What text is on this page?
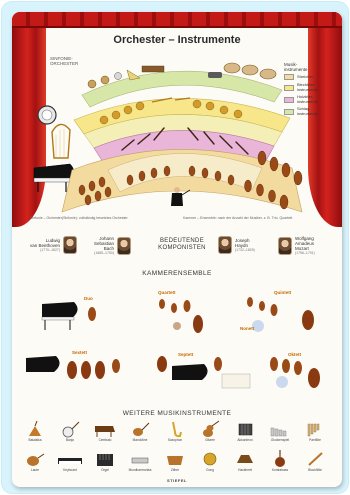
Orchester – Instrumente
SINFONIE-
ORCHESTER	Musik-
instrumente
Streicher
Blechblas-
instrumente
Holzblas-
instrumente
Schlag-
instrumente
Sinfonie – Orchester(Sinfonie): vollständig besetztes Orchester.	Kammer – Ensemble: nach der Anzahl der Musiker, z. B. Trio, Quartett.
Ludwig
van Beethoven
(1770–1827)
Johann
Sebastian
Bach
(1685–1750)
BEDEUTENDE
KOMPONISTEN
Joseph
Haydn
(1732–1809)
Wolfgang
Amadeus
Mozart
(1756–1791)
KAMMERENSEMBLE
Duo
Quartett	Quintett
Sextett	Septett	Oktett
Nonett
WEITERE MUSIKINSTRUMENTE
Balalaika	Banjo	Cembalo	Mandoline	Saxophon	Gitarre	Akkordeon	Glockenspiel	Panflöte
Laute	Keyboard	Orgel	Mundharmonika	Zither	Gong	Hackbrett	Kontrabass	Blockflöte
STIEFEL
